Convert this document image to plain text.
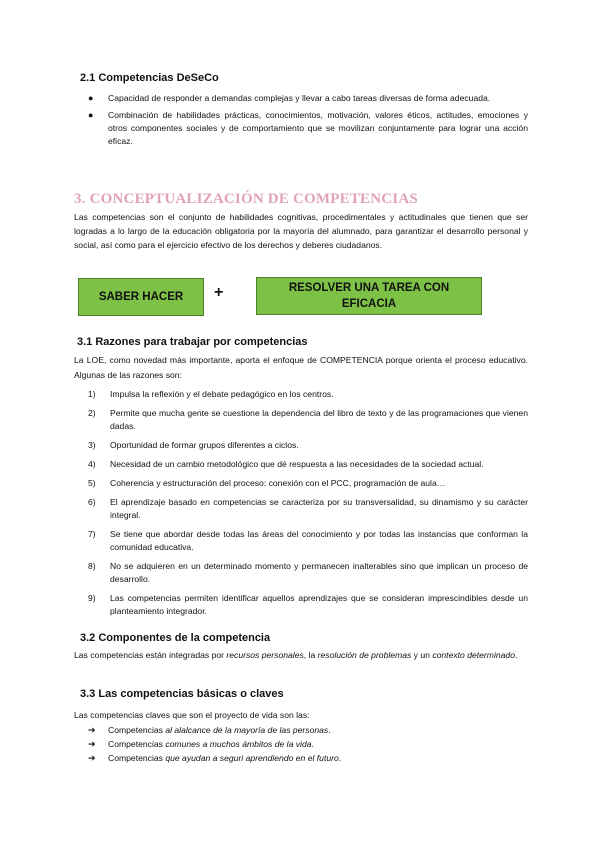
2.1 Competencias DeSeCo
● Capacidad de responder a demandas complejas y llevar a cabo tareas diversas de forma adecuada.
● Combinación de habilidades prácticas, conocimientos, motivación, valores éticos, actitudes, emociones y otros componentes sociales y de comportamiento que se movilizan conjuntamente para lograr una acción eficaz.
3. CONCEPTUALIZACIÓN DE COMPETENCIAS
Las competencias son el conjunto de habilidades cognitivas, procedimentales y actitudinales que tienen que ser logradas a lo largo de la educación obligatoria por la mayoría del alumnado, para garantizar el desarrollo personal y social, así como para el ejercicio efectivo de los derechos y deberes ciudadanos.
SABER HACER	+	RESOLVER UNA TAREA CON EFICACIA
3.1 Razones para trabajar por competencias
La LOE, como novedad más importante, aporta el enfoque de COMPETENCIA porque orienta el proceso educativo. Algunas de las razones son:
1) Impulsa la reflexión y el debate pedagógico en los centros.
2) Permite que mucha gente se cuestione la dependencia del libro de texto y de las programaciones que vienen dadas.
3) Oportunidad de formar grupos diferentes a ciclos.
4) Necesidad de un cambio metodológico que dé respuesta a las necesidades de la sociedad actual.
5) Coherencia y estructuración del proceso: conexión con el PCC, programación de aula…
6) El aprendizaje basado en competencias se caracteriza por su transversalidad, su dinamismo y su carácter integral.
7) Se tiene que abordar desde todas las áreas del conocimiento y por todas las instancias que conforman la comunidad educativa.
8) No se adquieren en un determinado momento y permanecen inalterables sino que implican un proceso de desarrollo.
9) Las competencias permiten identificar aquellos aprendizajes que se consideran imprescindibles desde un planteamiento integrador.
3.2 Componentes de la competencia
Las competencias están integradas por recursos personales, la resolución de problemas y un contexto determinado.
3.3 Las competencias básicas o claves
Las competencias claves que son el proyecto de vida son las:
➔ Competencias al alalcance de la mayoría de las personas.
➔ Competencias comunes a muchos ámbitos de la vida.
➔ Competencias que ayudan a seguri aprendiendo en el futuro.
